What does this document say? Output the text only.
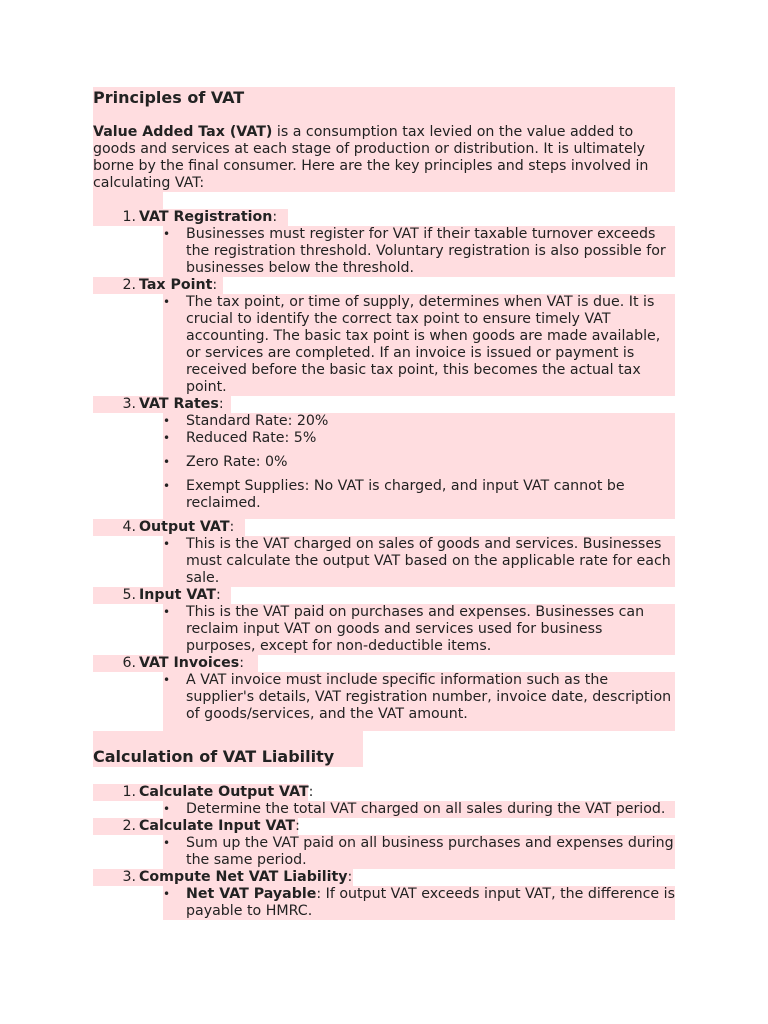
Principles of VAT

Value Added Tax (VAT) is a consumption tax levied on the value added to goods and services at each stage of production or distribution. It is ultimately borne by the final consumer. Here are the key principles and steps involved in calculating VAT:

1. VAT Registration:
• Businesses must register for VAT if their taxable turnover exceeds the registration threshold. Voluntary registration is also possible for businesses below the threshold.
2. Tax Point:
• The tax point, or time of supply, determines when VAT is due. It is crucial to identify the correct tax point to ensure timely VAT accounting. The basic tax point is when goods are made available, or services are completed. If an invoice is issued or payment is received before the basic tax point, this becomes the actual tax point.
3. VAT Rates:
• Standard Rate: 20%
• Reduced Rate: 5%
• Zero Rate: 0%
• Exempt Supplies: No VAT is charged, and input VAT cannot be reclaimed.
4. Output VAT:
• This is the VAT charged on sales of goods and services. Businesses must calculate the output VAT based on the applicable rate for each sale.
5. Input VAT:
• This is the VAT paid on purchases and expenses. Businesses can reclaim input VAT on goods and services used for business purposes, except for non-deductible items.
6. VAT Invoices:
• A VAT invoice must include specific information such as the supplier's details, VAT registration number, invoice date, description of goods/services, and the VAT amount.
Calculation of VAT Liability
1. Calculate Output VAT:
• Determine the total VAT charged on all sales during the VAT period.
2. Calculate Input VAT:
• Sum up the VAT paid on all business purchases and expenses during the same period.
3. Compute Net VAT Liability:
• Net VAT Payable: If output VAT exceeds input VAT, the difference is payable to HMRC.
